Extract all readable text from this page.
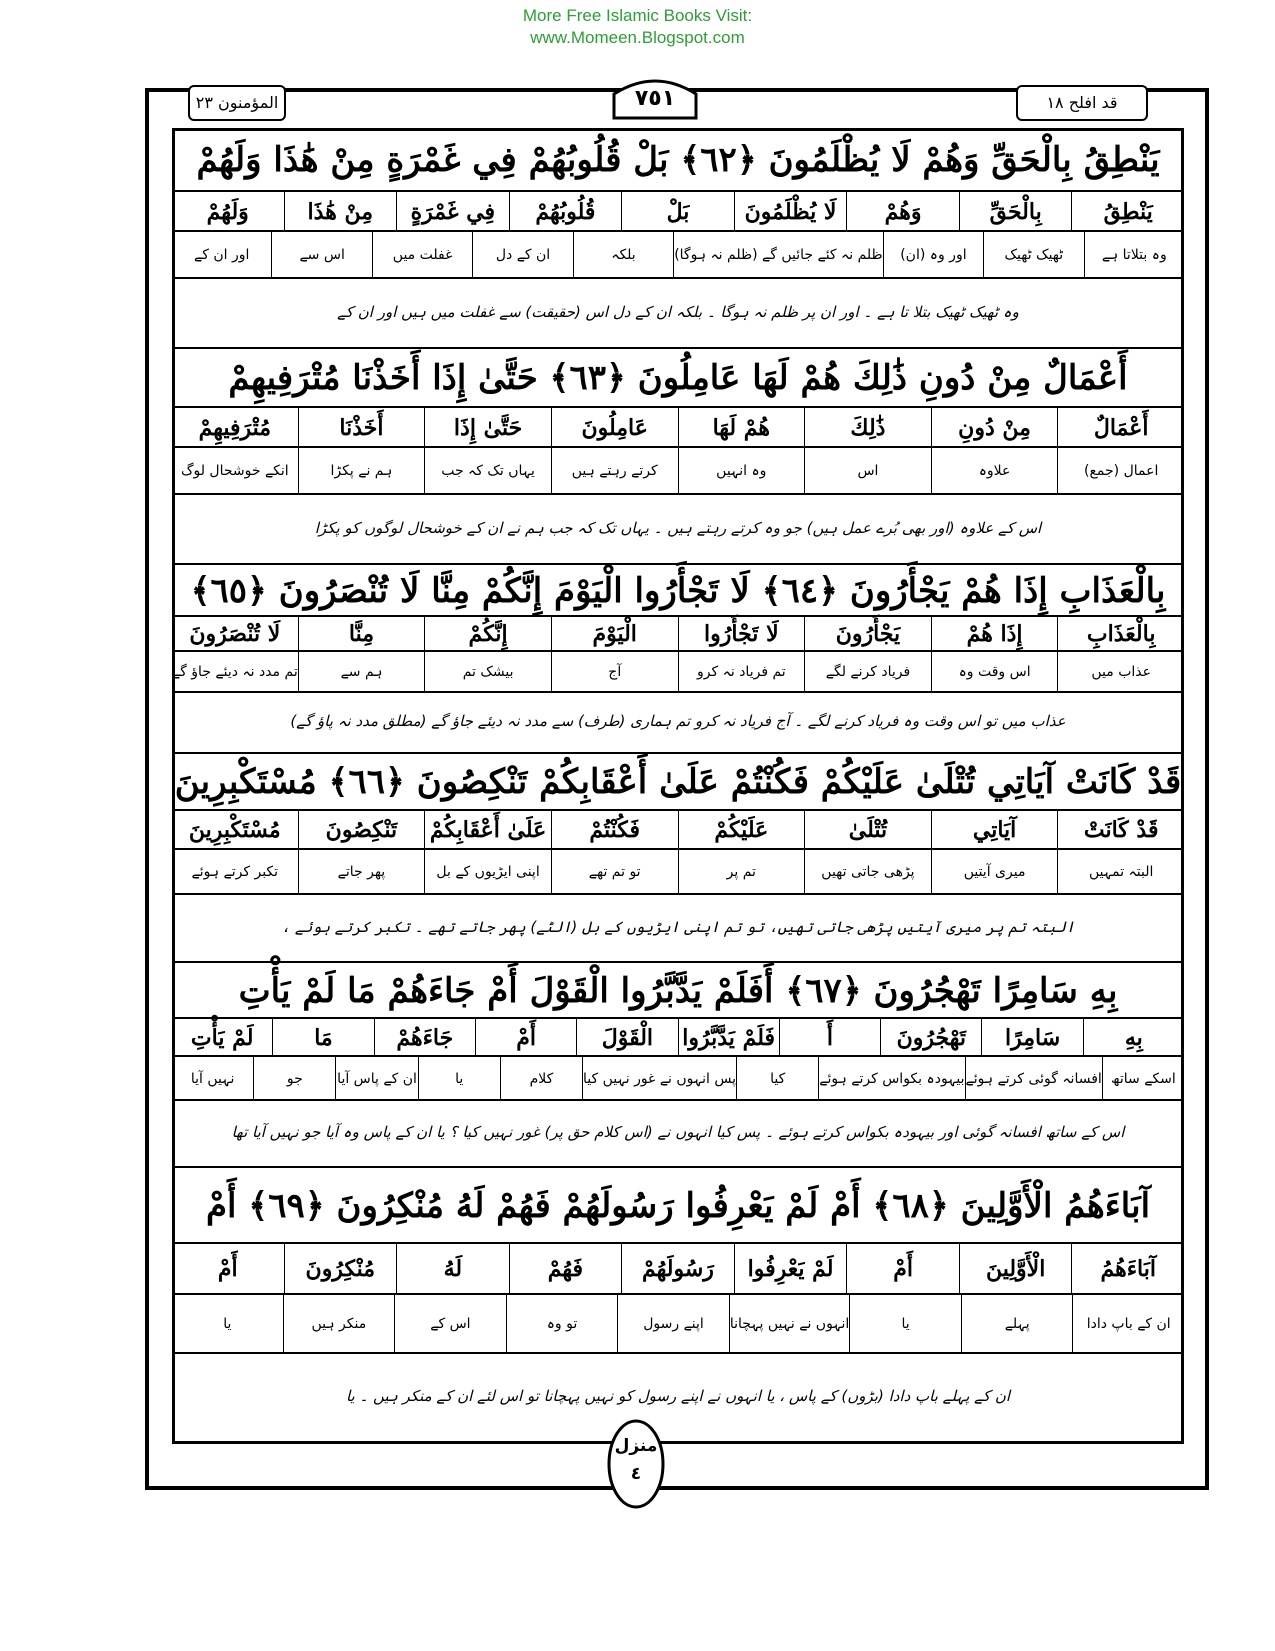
More Free Islamic Books Visit:
www.Momeen.Blogspot.com
المؤمنون ٢٣	٧٥١	قد افلح ١٨
يَنْطِقُ بِالْحَقِّ وَهُمْ لَا يُظْلَمُونَ ﴿٦٢﴾ بَلْ قُلُوبُهُمْ فِي غَمْرَةٍ مِنْ هَٰذَا وَلَهُمْ
يَنْطِقُ
بِالْحَقِّ
وَهُمْ
لَا يُظْلَمُونَ
بَلْ
قُلُوبُهُمْ
فِي غَمْرَةٍ
مِنْ هَٰذَا
وَلَهُمْ
وہ بتلاتا ہے
ٹھیک ٹھیک
اور وہ (ان)
ظلم نہ کئے جائیں گے (ظلم نہ ہوگا)
بلکہ
ان کے دل
غفلت میں
اس سے
اور ان کے
وہ ٹھیک ٹھیک بتلا تا ہے ۔ اور ان پر ظلم نہ ہوگا ۔ بلکہ ان کے دل اس (حقیقت) سے غفلت میں ہیں اور ان کے
أَعْمَالٌ مِنْ دُونِ ذَٰلِكَ هُمْ لَهَا عَامِلُونَ ﴿٦٣﴾ حَتَّىٰ إِذَا أَخَذْنَا مُتْرَفِيهِمْ
أَعْمَالٌ
مِنْ دُونِ
ذَٰلِكَ
هُمْ لَهَا
عَامِلُونَ
حَتَّىٰ إِذَا
أَخَذْنَا
مُتْرَفِيهِمْ
اعمال (جمع)
علاوہ
اس
وہ انہیں
کرتے رہتے ہیں
یہاں تک کہ جب
ہم نے پکڑا
انکے خوشحال لوگ
اس کے علاوہ (اور بھی بُرے عمل ہیں) جو وہ کرتے رہتے ہیں ۔ یہاں تک کہ جب ہم نے ان کے خوشحال لوگوں کو پکڑا
بِالْعَذَابِ إِذَا هُمْ يَجْأَرُونَ ﴿٦٤﴾ لَا تَجْأَرُوا الْيَوْمَ إِنَّكُمْ مِنَّا لَا تُنْصَرُونَ ﴿٦٥﴾
بِالْعَذَابِ
إِذَا هُمْ
يَجْأَرُونَ
لَا تَجْأَرُوا
الْيَوْمَ
إِنَّكُمْ
مِنَّا
لَا تُنْصَرُونَ
عذاب میں
اس وقت وہ
فریاد کرنے لگے
تم فریاد نہ کرو
آج
بیشک تم
ہم سے
تم مدد نہ دیئے جاؤ گے
عذاب میں تو اس وقت وہ فریاد کرنے لگے ۔ آج فریاد نہ کرو تم ہماری (طرف) سے مدد نہ دیئے جاؤ گے (مطلق مدد نہ پاؤ گے)
قَدْ كَانَتْ آيَاتِي تُتْلَىٰ عَلَيْكُمْ فَكُنْتُمْ عَلَىٰ أَعْقَابِكُمْ تَنْكِصُونَ ﴿٦٦﴾ مُسْتَكْبِرِينَ
قَدْ كَانَتْ
آيَاتِي
تُتْلَىٰ
عَلَيْكُمْ
فَكُنْتُمْ
عَلَىٰ أَعْقَابِكُمْ
تَنْكِصُونَ
مُسْتَكْبِرِينَ
البتہ تمہیں
میری آیتیں
پڑھی جاتی تھیں
تم پر
تو تم تھے
اپنی ایڑیوں کے بل
پھر جاتے
تکبر کرتے ہوئے
البتہ تم پر میری آیتیں پڑھی جاتی تھیں، تو تم اپنی ایڑیوں کے بل (الٹے) پھر جاتے تھے ۔ تکبر کرتے ہوئے ،
بِهِ سَامِرًا تَهْجُرُونَ ﴿٦٧﴾ أَفَلَمْ يَدَّبَّرُوا الْقَوْلَ أَمْ جَاءَهُمْ مَا لَمْ يَأْتِ
بِهِ
سَامِرًا
تَهْجُرُونَ
أَ
فَلَمْ يَدَّبَّرُوا
الْقَوْلَ
أَمْ
جَاءَهُمْ
مَا
لَمْ يَأْتِ
اسکے ساتھ
افسانہ گوئی کرتے ہوئے
بیہودہ بکواس کرتے ہوئے
کیا
پس انہوں نے غور نہیں کیا
کلام
یا
ان کے پاس آیا
جو
نہیں آیا
اس کے ساتھ افسانہ گوئی اور بیہودہ بکواس کرتے ہوئے ۔ پس کیا انہوں نے (اس کلام حق پر) غور نہیں کیا ؟ یا ان کے پاس وہ آیا جو نہیں آیا تھا
آبَاءَهُمُ الْأَوَّلِينَ ﴿٦٨﴾ أَمْ لَمْ يَعْرِفُوا رَسُولَهُمْ فَهُمْ لَهُ مُنْكِرُونَ ﴿٦٩﴾ أَمْ
آبَاءَهُمُ
الْأَوَّلِينَ
أَمْ
لَمْ يَعْرِفُوا
رَسُولَهُمْ
فَهُمْ
لَهُ
مُنْكِرُونَ
أَمْ
ان کے باپ دادا
پہلے
یا
انہوں نے نہیں پہچانا
اپنے رسول
تو وہ
اس کے
منکر ہیں
یا
ان کے پہلے باپ دادا (بڑوں) کے پاس ، یا انہوں نے اپنے رسول کو نہیں پہچانا تو اس لئے ان کے منکر ہیں ۔ یا
منزل
٤
